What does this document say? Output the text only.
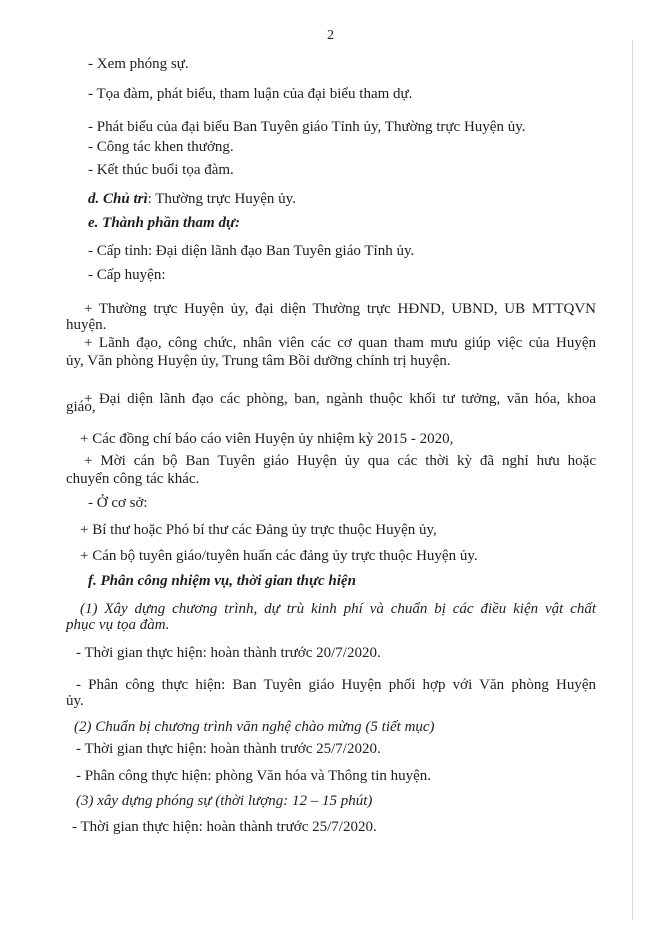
2
- Xem phóng sự.
- Tọa đàm, phát biểu, tham luận của đại biểu tham dự.
- Phát biểu của đại biểu Ban Tuyên giáo Tỉnh ủy, Thường trực Huyện ủy.
- Công tác khen thưởng.
- Kết thúc buổi tọa đàm.
d. Chủ trì: Thường trực Huyện ủy.
e. Thành phần tham dự:
- Cấp tỉnh: Đại diện lãnh đạo Ban Tuyên giáo Tỉnh ủy.
- Cấp huyện:
+ Thường trực Huyện ủy, đại diện Thường trực HĐND, UBND, UB MTTQVN
huyện.
+ Lãnh đạo, công chức, nhân viên các cơ quan tham mưu giúp việc của Huyện
ủy, Văn phòng Huyện ủy, Trung tâm Bồi dưỡng chính trị huyện.
+ Đại diện lãnh đạo các phòng, ban, ngành thuộc khối tư tưởng, văn hóa, khoa
giáo,
+ Các đồng chí báo cáo viên Huyện ủy nhiệm kỳ 2015 - 2020,
+ Mời cán bộ Ban Tuyên giáo Huyện ủy qua các thời kỳ đã nghỉ hưu hoặc
chuyển công tác khác.
- Ở cơ sở:
+ Bí thư hoặc Phó bí thư các Đảng ủy trực thuộc Huyện ủy,
+ Cán bộ tuyên giáo/tuyên huấn các đảng ủy trực thuộc Huyện ủy.
f. Phân công nhiệm vụ, thời gian thực hiện
(1) Xây dựng chương trình, dự trù kinh phí và chuẩn bị các điều kiện vật chất
phục vụ tọa đàm.
- Thời gian thực hiện: hoàn thành trước 20/7/2020.
- Phân công thực hiện: Ban Tuyên giáo Huyện phối hợp với Văn phòng Huyện
ủy.
(2) Chuẩn bị chương trình văn nghệ chào mừng (5 tiết mục)
- Thời gian thực hiện: hoàn thành trước 25/7/2020.
- Phân công thực hiện: phòng Văn hóa và Thông tin huyện.
(3) xây dựng phóng sự (thời lượng: 12 – 15 phút)
- Thời gian thực hiện: hoàn thành trước 25/7/2020.
